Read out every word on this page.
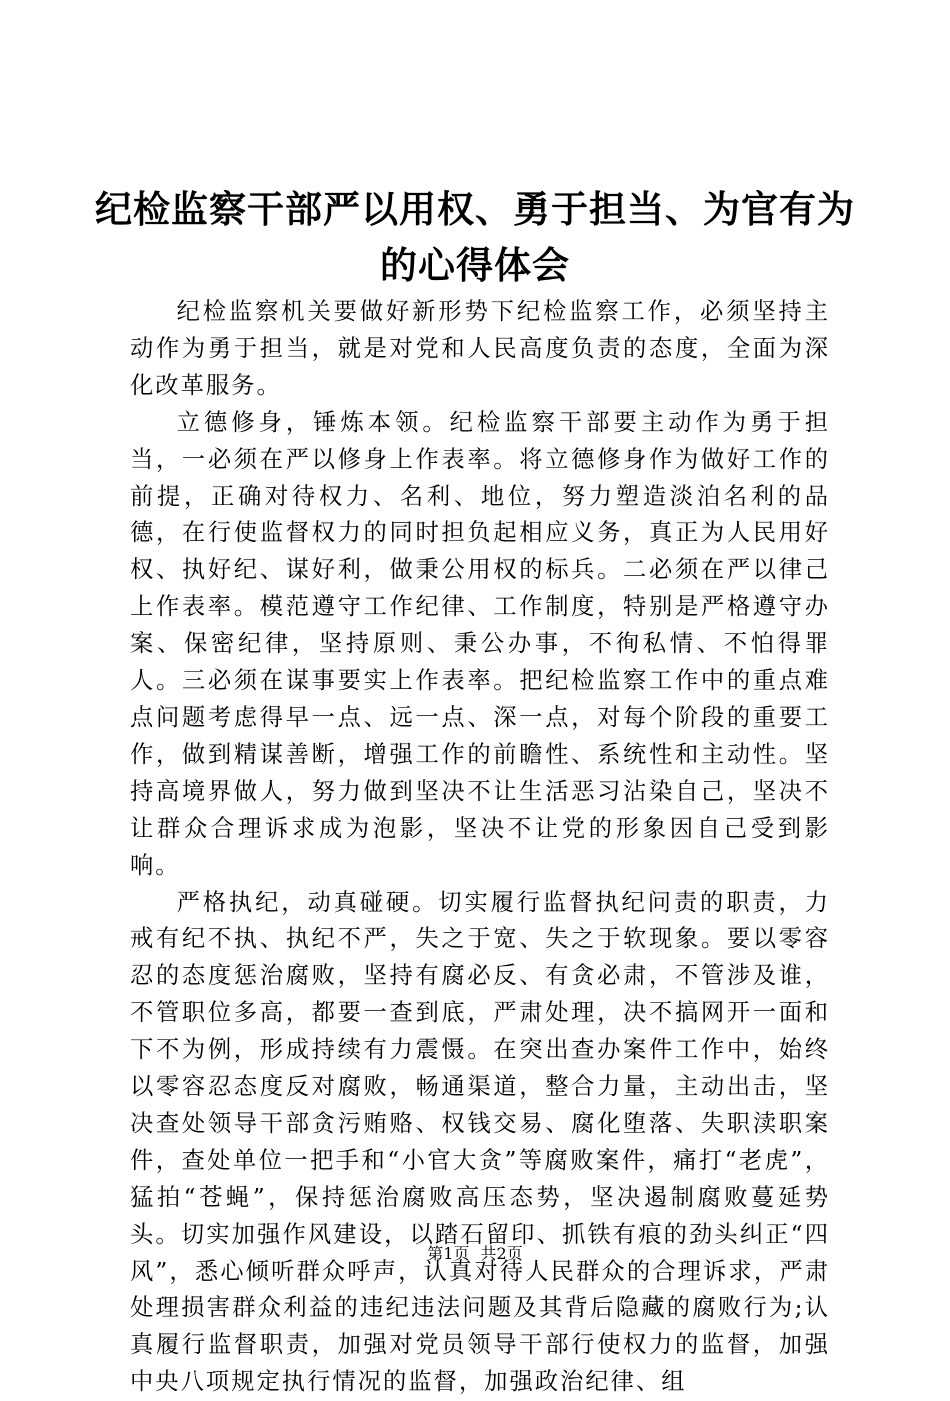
纪检监察干部严以用权、勇于担当、为官有为
的心得体会

纪检监察机关要做好新形势下纪检监察工作，必须坚持主动作为勇于担当，就是对党和人民高度负责的态度，全面为深化改革服务。

立德修身，锤炼本领。纪检监察干部要主动作为勇于担当，一必须在严以修身上作表率。将立德修身作为做好工作的前提，正确对待权力、名利、地位，努力塑造淡泊名利的品德，在行使监督权力的同时担负起相应义务，真正为人民用好权、执好纪、谋好利，做秉公用权的标兵。二必须在严以律己上作表率。模范遵守工作纪律、工作制度，特别是严格遵守办案、保密纪律，坚持原则、秉公办事，不徇私情、不怕得罪人。三必须在谋事要实上作表率。把纪检监察工作中的重点难点问题考虑得早一点、远一点、深一点，对每个阶段的重要工作，做到精谋善断，增强工作的前瞻性、系统性和主动性。坚持高境界做人，努力做到坚决不让生活恶习沾染自己，坚决不让群众合理诉求成为泡影，坚决不让党的形象因自己受到影响。

严格执纪，动真碰硬。切实履行监督执纪问责的职责，力戒有纪不执、执纪不严，失之于宽、失之于软现象。要以零容忍的态度惩治腐败，坚持有腐必反、有贪必肃，不管涉及谁，不管职位多高，都要一查到底，严肃处理，决不搞网开一面和下不为例，形成持续有力震慑。在突出查办案件工作中，始终以零容忍态度反对腐败，畅通渠道，整合力量，主动出击，坚决查处领导干部贪污贿赂、权钱交易、腐化堕落、失职渎职案件，查处单位一把手和“小官大贪”等腐败案件，痛打“老虎”，猛拍“苍蝇”，保持惩治腐败高压态势，坚决遏制腐败蔓延势头。切实加强作风建设，以踏石留印、抓铁有痕的劲头纠正“四风”，悉心倾听群众呼声，认真对待人民群众的合理诉求，严肃处理损害群众利益的违纪违法问题及其背后隐藏的腐败行为;认真履行监督职责，加强对党员领导干部行使权力的监督，加强中央八项规定执行情况的监督，加强政治纪律、组

第1页 共2页
